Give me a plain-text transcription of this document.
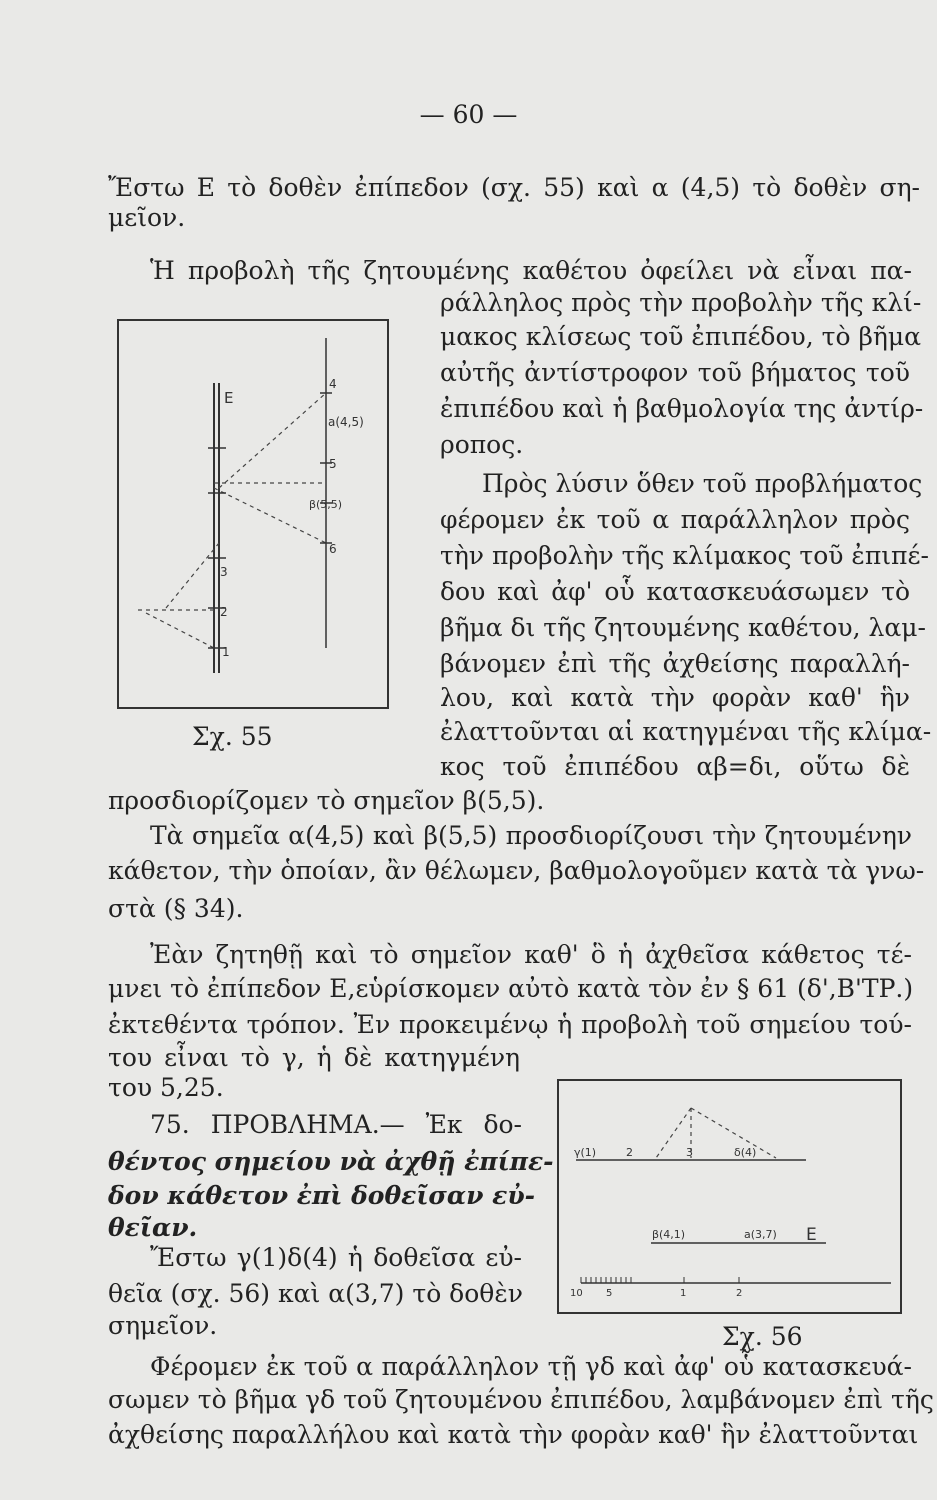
— 60 —
Ἔστω Ε τὸ δοθὲν ἐπίπεδον (σχ. 55) καὶ α (4,5) τὸ δοθὲν ση-
μεῖον.
Ἡ προβολὴ τῆς ζητουμένης καθέτου ὀφείλει νὰ εἶναι πα-
ράλληλος πρὸς τὴν προβολὴν τῆς κλί-
μακος κλίσεως τοῦ ἐπιπέδου, τὸ βῆμα
αὐτῆς ἀντίστροφον τοῦ βήματος τοῦ
ἐπιπέδου καὶ ἡ βαθμολογία της ἀντίρ-
ροπος.
Πρὸς λύσιν ὅθεν τοῦ προβλήματος
φέρομεν ἐκ τοῦ α παράλληλον πρὸς
τὴν προβολὴν τῆς κλίμακος τοῦ ἐπιπέ-
δου καὶ ἀφ' οὗ κατασκευάσωμεν τὸ
βῆμα δι τῆς ζητουμένης καθέτου, λαμ-
βάνομεν ἐπὶ τῆς ἀχθείσης παραλλή-
λου, καὶ κατὰ τὴν φορὰν καθ' ἣν
ἐλαττοῦνται αἱ κατηγμέναι τῆς κλίμα-
κος τοῦ ἐπιπέδου αβ=δι, οὕτω δὲ
προσδιορίζομεν τὸ σημεῖον β(5,5).
Τὰ σημεῖα α(4,5) καὶ β(5,5) προσδιορίζουσι τὴν ζητουμένην
κάθετον, τὴν ὁποίαν, ἂν θέλωμεν, βαθμολογοῦμεν κατὰ τὰ γνω-
στὰ (§ 34).
Ἐὰν ζητηθῇ καὶ τὸ σημεῖον καθ' ὃ ἡ ἀχθεῖσα κάθετος τέ-
μνει τὸ ἐπίπεδον Ε,εὑρίσκομεν αὐτὸ κατὰ τὸν ἐν § 61 (δ',Β'ΤΡ.)
ἐκτεθέντα τρόπον. Ἐν προκειμένῳ ἡ προβολὴ τοῦ σημείου τού-
του εἶναι τὸ γ, ἡ δὲ κατηγμένη
του 5,25.
75. ΠΡΟΒΛΗΜΑ.— Ἐκ δο-
θέντος σημείου νὰ ἀχθῇ ἐπίπε-
δον κάθετον ἐπὶ δοθεῖσαν εὐ-
θεῖαν.
Ἔστω γ(1)δ(4) ἡ δοθεῖσα εὐ-
θεῖα (σχ. 56) καὶ α(3,7) τὸ δοθὲν
σημεῖον.
Φέρομεν ἐκ τοῦ α παράλληλον τῇ γδ καὶ ἀφ' οὗ κατασκευά-
σωμεν τὸ βῆμα γδ τοῦ ζητουμένου ἐπιπέδου, λαμβάνομεν ἐπὶ τῆς
ἀχθείσης παραλλήλου καὶ κατὰ τὴν φορὰν καθ' ἣν ἐλαττοῦνται
E
4
a(4,5)
5
β(5,5)
6
3
2
1
Σχ. 55
γ(1)	2	3	δ(4)
β(4,1)	a(3,7) E
10 5	1	2
Σχ. 56
